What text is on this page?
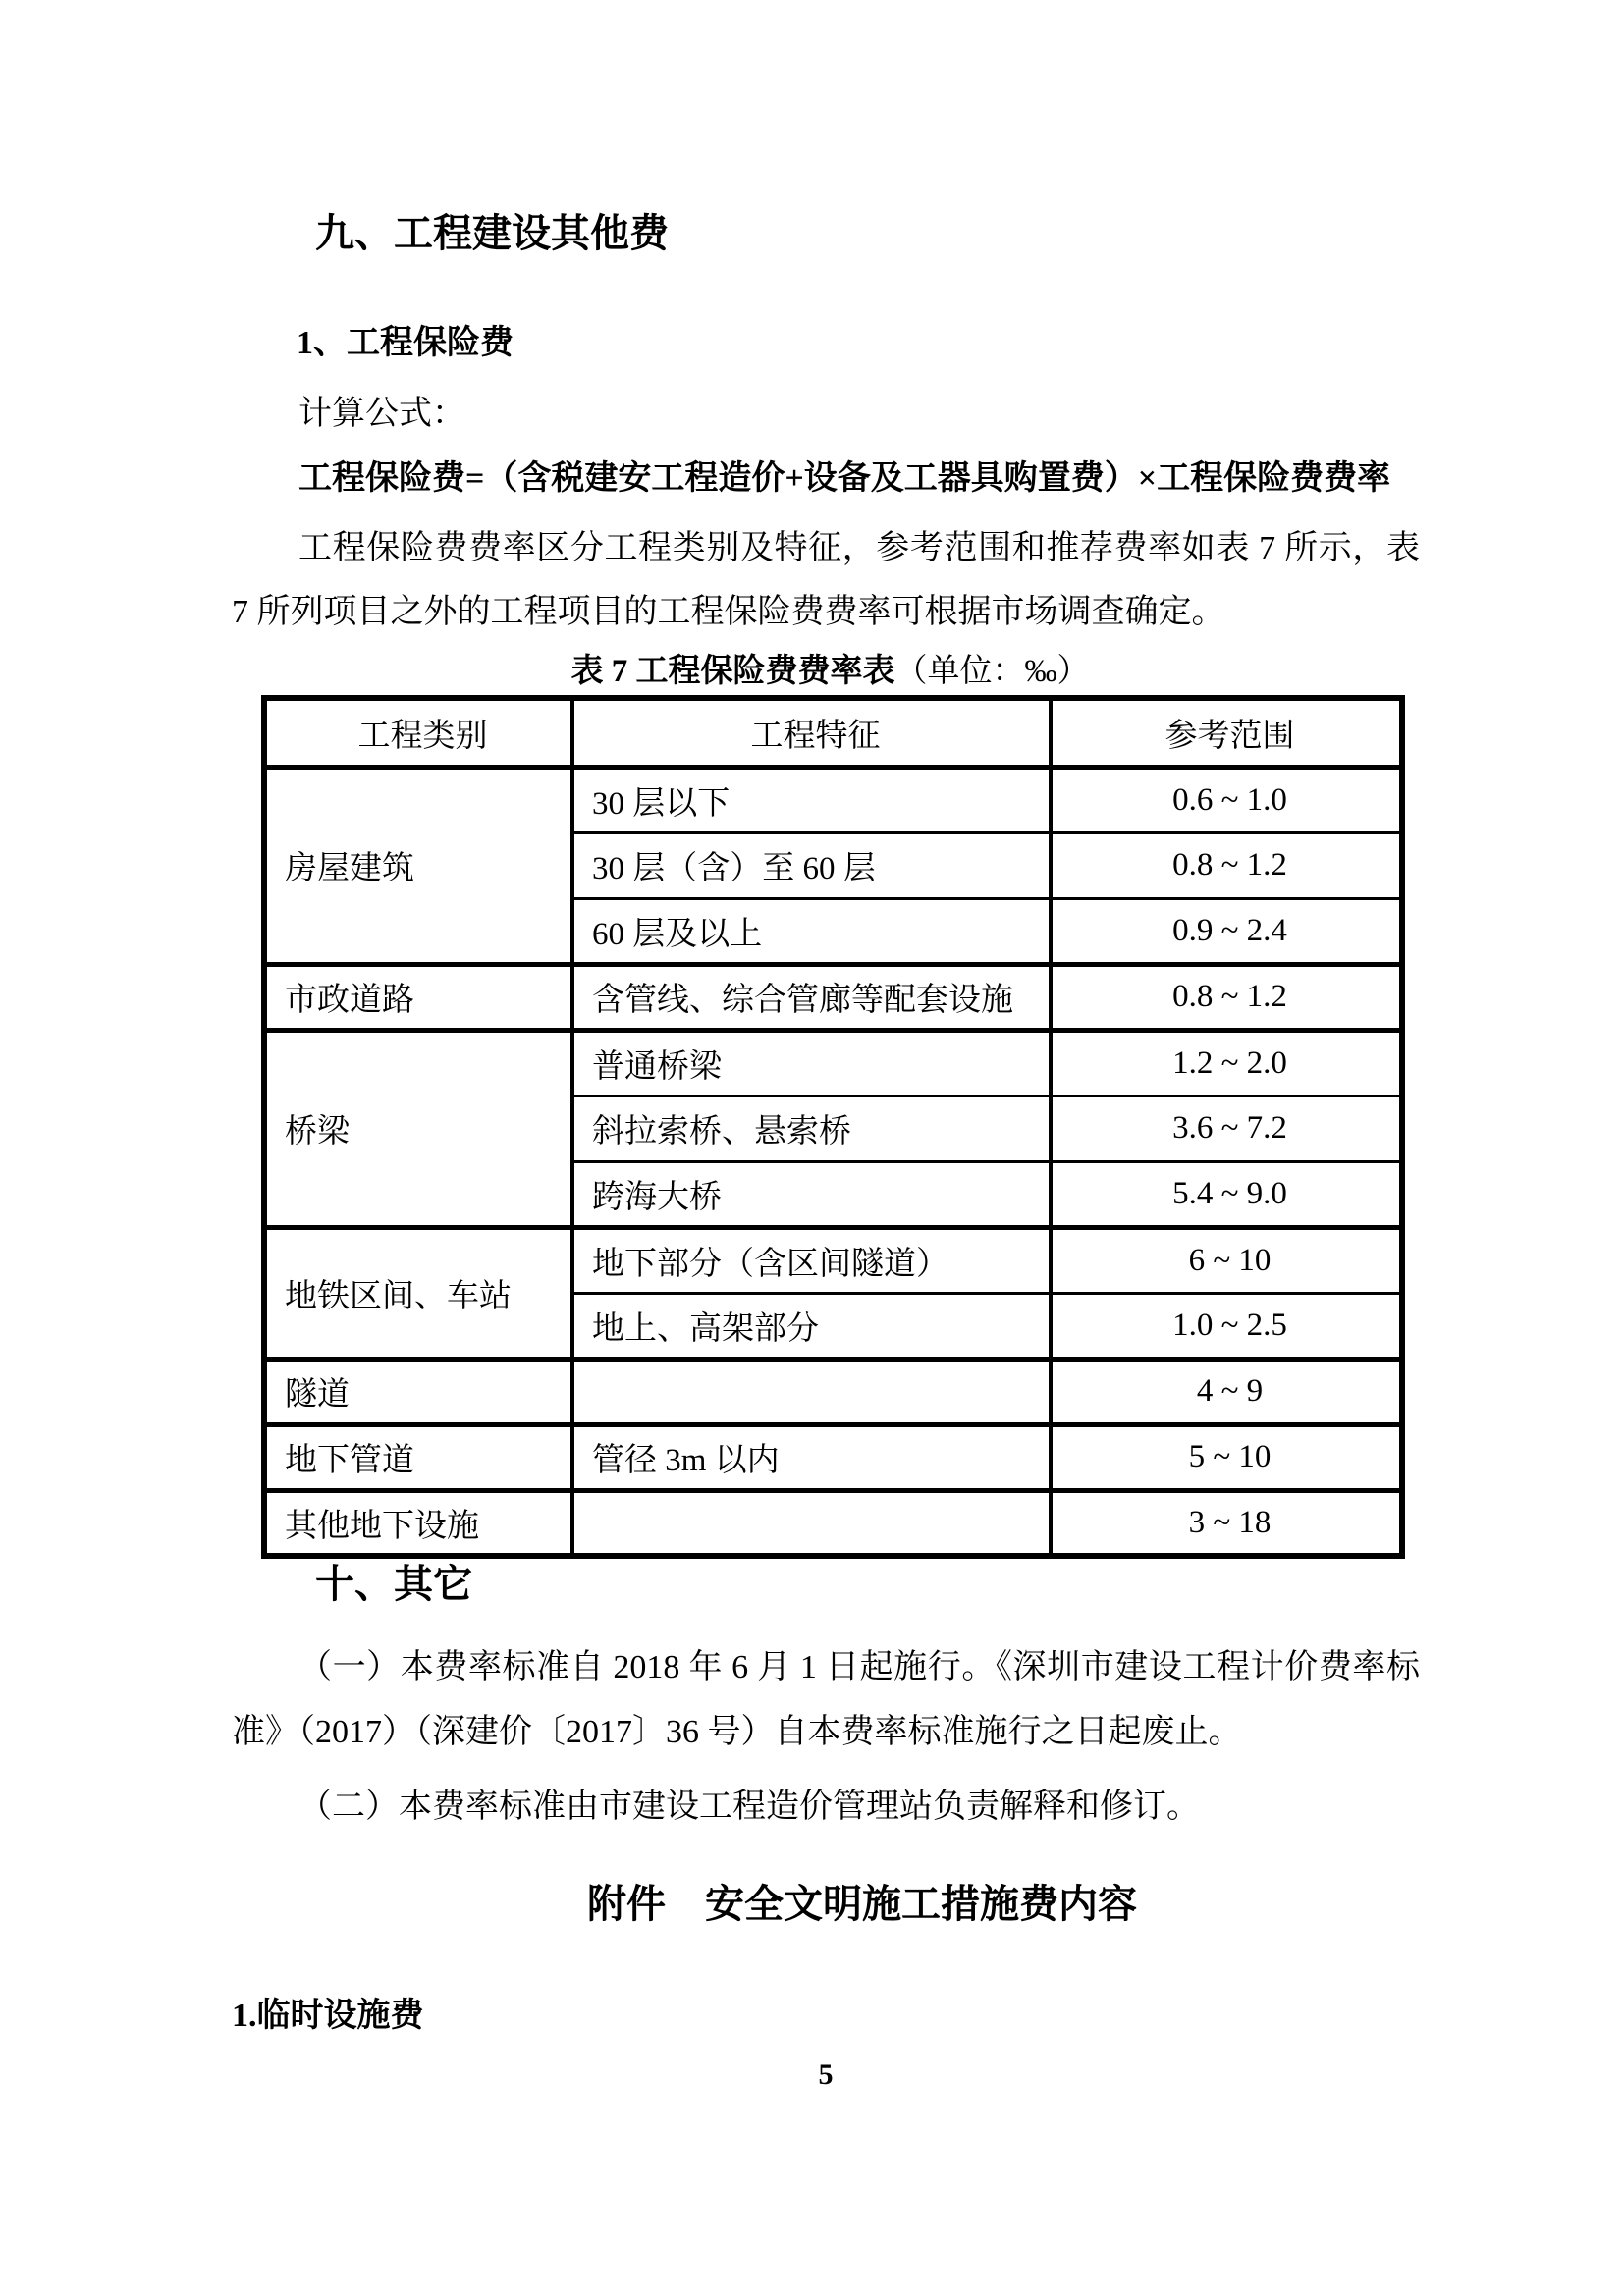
九、工程建设其他费
1、工程保险费

计算公式：

工程保险费=（含税建安工程造价+设备及工器具购置费）×工程保险费费率

工程保险费费率区分工程类别及特征，参考范围和推荐费率如表 7 所示，表 7 所列项目之外的工程项目的工程保险费费率可根据市场调查确定。

表 7 工程保险费费率表（单位：‰）
工程类别	工程特征	参考范围
房屋建筑	30 层以下	0.6 ~ 1.0
	30 层（含）至 60 层	0.8 ~ 1.2
	60 层及以上	0.9 ~ 2.4
市政道路	含管线、综合管廊等配套设施	0.8 ~ 1.2
桥梁	普通桥梁	1.2 ~ 2.0
	斜拉索桥、悬索桥	3.6 ~ 7.2
	跨海大桥	5.4 ~ 9.0
地铁区间、车站	地下部分（含区间隧道）	6 ~ 10
	地上、高架部分	1.0 ~ 2.5
隧道		4 ~ 9
地下管道	管径 3m 以内	5 ~ 10
其他地下设施		3 ~ 18
十、其它

（一）本费率标准自 2018 年 6 月 1 日起施行。《深圳市建设工程计价费率标准》（2017）（深建价〔2017〕36 号）自本费率标准施行之日起废止。

（二）本费率标准由市建设工程造价管理站负责解释和修订。

附件　安全文明施工措施费内容

1.临时设施费

5
